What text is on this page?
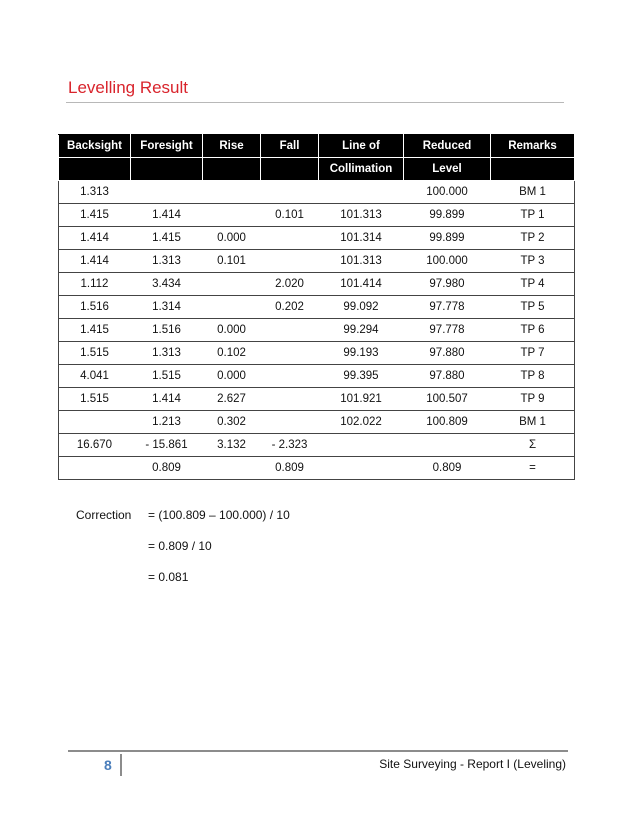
Levelling Result
Backsight	Foresight	Rise	Fall	Line of	Reduced	Remarks
				Collimation	Level	
1.313					100.000	BM 1
1.415	1.414		0.101	101.313	99.899	TP 1
1.414	1.415	0.000		101.314	99.899	TP 2
1.414	1.313	0.101		101.313	100.000	TP 3
1.112	3.434		2.020	101.414	97.980	TP 4
1.516	1.314		0.202	99.092	97.778	TP 5
1.415	1.516	0.000		99.294	97.778	TP 6
1.515	1.313	0.102		99.193	97.880	TP 7
4.041	1.515	0.000		99.395	97.880	TP 8
1.515	1.414	2.627		101.921	100.507	TP 9
	1.213	0.302		102.022	100.809	BM 1
16.670	- 15.861	3.132	- 2.323			Σ
	0.809		0.809		0.809	=
Correction = (100.809 – 100.000) / 10
= 0.809 / 10
= 0.081
8	Site Surveying - Report I (Leveling)
